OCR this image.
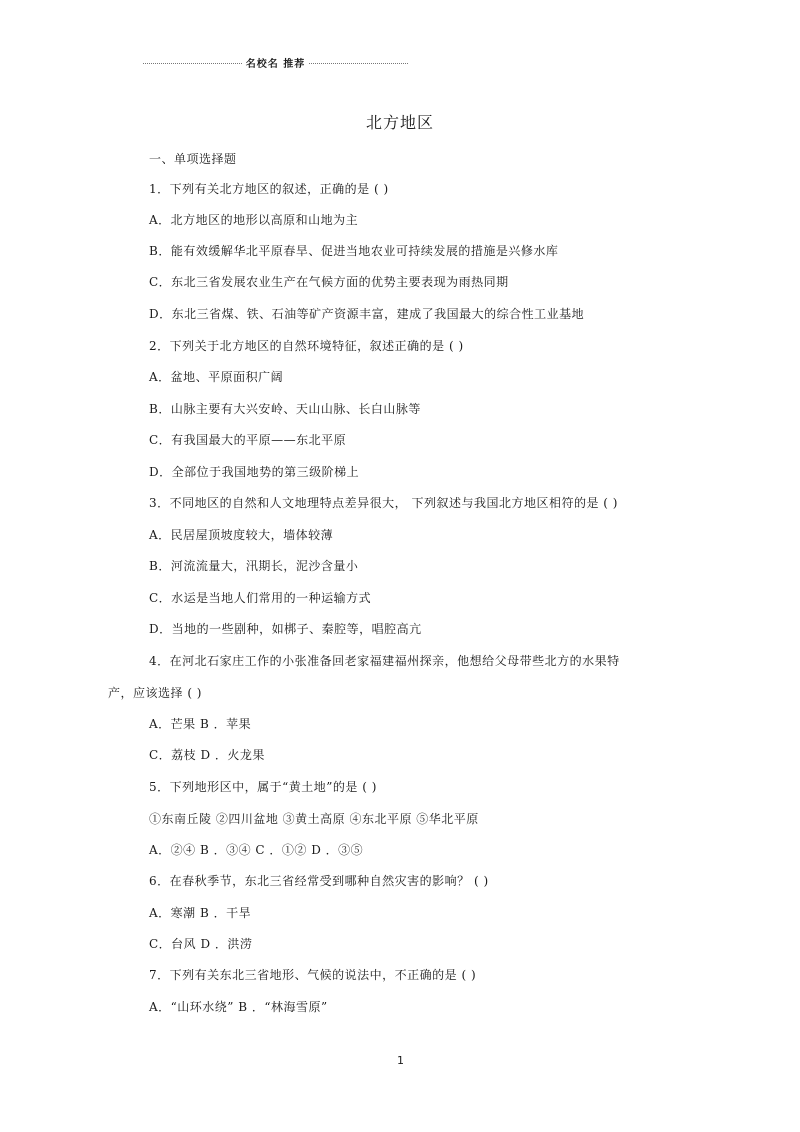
名校名 推荐
北方地区
一、单项选择题
1．下列有关北方地区的叙述，正确的是 ( )
A．北方地区的地形以高原和山地为主
B．能有效缓解华北平原春旱、促进当地农业可持续发展的措施是兴修水库
C．东北三省发展农业生产在气候方面的优势主要表现为雨热同期
D．东北三省煤、铁、石油等矿产资源丰富，建成了我国最大的综合性工业基地
2．下列关于北方地区的自然环境特征，叙述正确的是 ( )
A．盆地、平原面积广阔
B．山脉主要有大兴安岭、天山山脉、长白山脉等
C．有我国最大的平原——东北平原
D．全部位于我国地势的第三级阶梯上
3．不同地区的自然和人文地理特点差异很大， 下列叙述与我国北方地区相符的是 ( )
A．民居屋顶坡度较大，墙体较薄
B．河流流量大，汛期长，泥沙含量小
C．水运是当地人们常用的一种运输方式
D．当地的一些剧种，如梆子、秦腔等，唱腔高亢
4．在河北石家庄工作的小张准备回老家福建福州探亲，他想给父母带些北方的水果特
产，应该选择 ( )
A．芒果 B ．苹果
C．荔枝 D ．火龙果
5．下列地形区中，属于“黄土地”的是 ( )
①东南丘陵 ②四川盆地 ③黄土高原 ④东北平原 ⑤华北平原
A．②④ B ．③④ C ．①② D ．③⑤
6．在春秋季节，东北三省经常受到哪种自然灾害的影响？ ( )
A．寒潮 B ．干旱
C．台风 D ．洪涝
7．下列有关东北三省地形、气候的说法中，不正确的是 ( )
A．“山环水绕” B ．“林海雪原”
1
